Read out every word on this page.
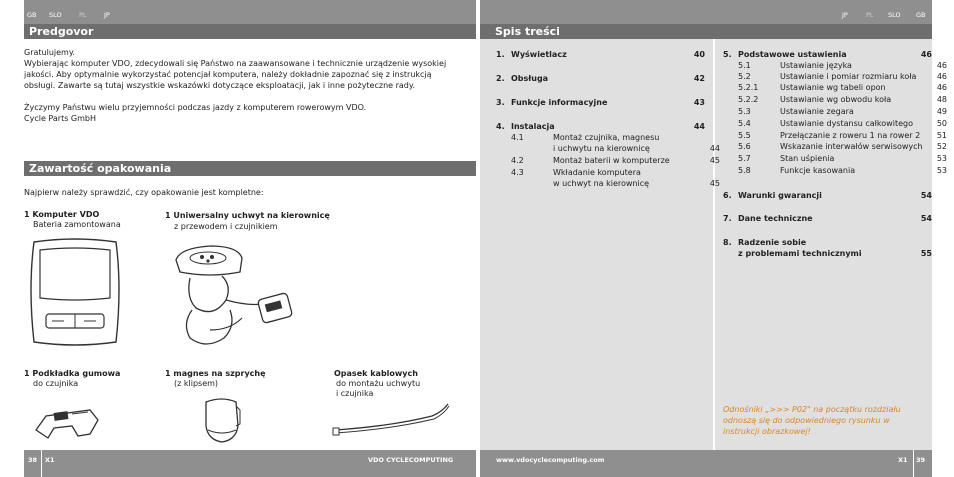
GB SLO	PL	JP	JP	PL SLO GB
Predgovor
Gratulujemy.
Wybierając komputer VDO, zdecydowali się Państwo na zaawansowane i technicznie urządzenie wysokiej
jakości. Aby optymalnie wykorzystać potencjał komputera, należy dokładnie zapoznać się z instrukcją
obsługi. Zawarte są tutaj wszystkie wskazówki dotyczące eksploatacji, jak i inne pożyteczne rady.
Życzymy Państwu wielu przyjemności podczas jazdy z komputerem rowerowym VDO.
Cycle Parts GmbH
Zawartość opakowania
Najpierw należy sprawdzić, czy opakowanie jest kompletne:
1 Komputer VDO
Bateria zamontowana
1 Uniwersalny uchwyt na kierownicę
z przewodem i czujnikiem
1 Podkładka gumowa
do czujnika
1 magnes na szprychę
(z klipsem)
Opasek kablowych
do montażu uchwytu
i czujnika
Spis treści
1. Wyświetlacz	40
2. Obsługa	42
3. Funkcje informacyjne	43
4. Instalacja	44
4.1	Montaż czujnika, magnesu
i uchwytu na kierownicę	44
4.2	Montaż baterii w komputerze	45
4.3	Wkładanie komputera
w uchwyt na kierownicę	45
5. Podstawowe ustawienia	46
5.1	Ustawianie języka	46
5.2	Ustawianie i pomiar rozmiaru koła	46
5.2.1	Ustawianie wg tabeli opon	46
5.2.2	Ustawianie wg obwodu koła	48
5.3	Ustawianie zegara	49
5.4	Ustawianie dystansu całkowitego	50
5.5	Przełączanie z roweru 1 na rower 2	51
5.6	Wskazanie interwałów serwisowych	52
5.7	Stan uśpienia	53
5.8	Funkcje kasowania	53
6. Warunki gwarancji	54
7. Dane techniczne	54
8. Radzenie sobie
z problemami technicznymi	55
Odnośniki „>>> P02" na początku rozdziału
odnoszą się do odpowiedniego rysunku w
instrukcji obrazkowej!
38 X1	VDO CYCLECOMPUTING	www.vdocyclecomputing.com	X1 39
